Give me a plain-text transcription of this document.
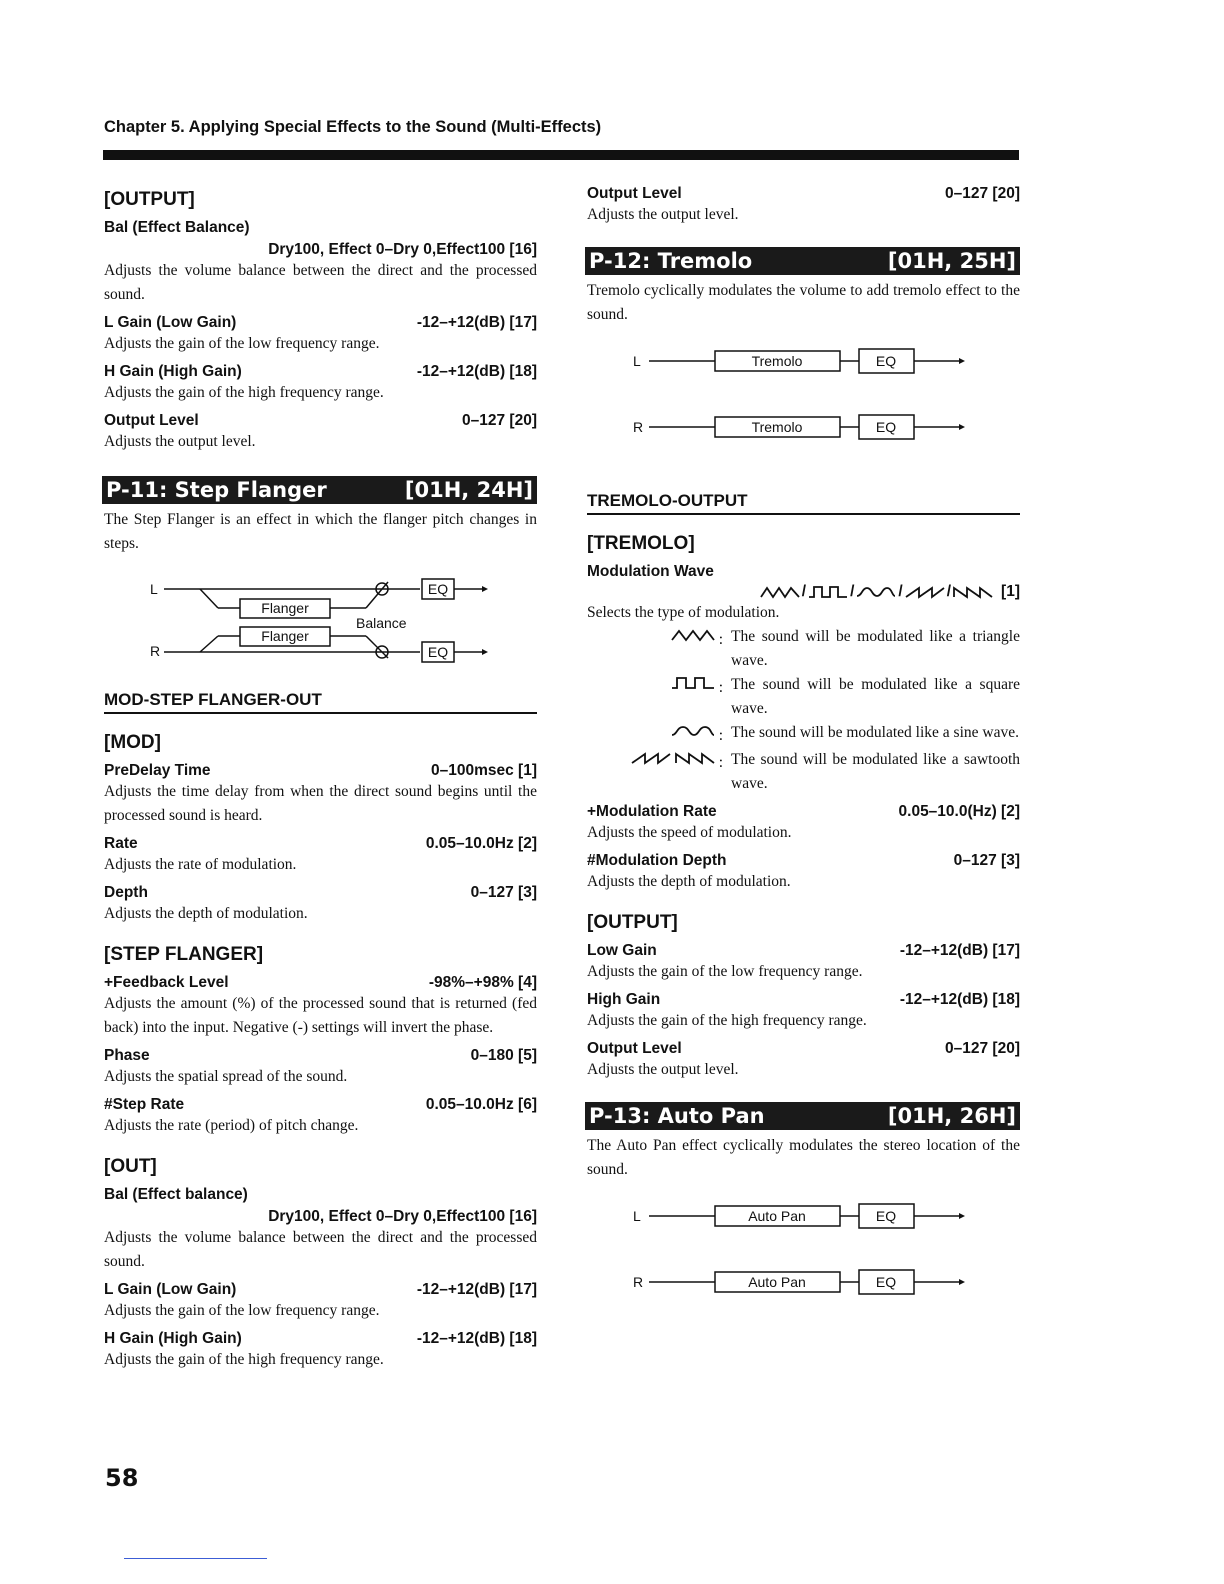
Chapter 5. Applying Special Effects to the Sound (Multi-Effects)
[OUTPUT]
Bal (Effect Balance)
Dry100, Effect 0–Dry 0,Effect100 [16]
Adjusts the volume balance between the direct and the processed sound.
L Gain (Low Gain)	-12–+12(dB) [17]
Adjusts the gain of the low frequency range.
H Gain (High Gain)	-12–+12(dB) [18]
Adjusts the gain of the high frequency range.
Output Level	0–127 [20]
Adjusts the output level.
P-11: Step Flanger	[01H, 24H]
The Step Flanger is an effect in which the flanger pitch changes in steps.
L
R
Flanger
Flanger
Balance
EQ
EQ
MOD-STEP FLANGER-OUT
[MOD]
PreDelay Time	0–100msec [1]
Adjusts the time delay from when the direct sound begins until the processed sound is heard.
Rate	0.05–10.0Hz [2]
Adjusts the rate of modulation.
Depth	0–127 [3]
Adjusts the depth of modulation.
[STEP FLANGER]
+Feedback Level	-98%–+98% [4]
Adjusts the amount (%) of the processed sound that is returned (fed back) into the input. Negative (-) settings will invert the phase.
Phase	0–180 [5]
Adjusts the spatial spread of the sound.
#Step Rate	0.05–10.0Hz [6]
Adjusts the rate (period) of pitch change.
[OUT]
Bal (Effect balance)
Dry100, Effect 0–Dry 0,Effect100 [16]
Adjusts the volume balance between the direct and the processed sound.
L Gain (Low Gain)	-12–+12(dB) [17]
Adjusts the gain of the low frequency range.
H Gain (High Gain)	-12–+12(dB) [18]
Adjusts the gain of the high frequency range.
Output Level	0–127 [20]
Adjusts the output level.
P-12: Tremolo	[01H, 25H]
Tremolo cyclically modulates the volume to add tremolo effect to the sound.
L
R
Tremolo	EQ
Tremolo	EQ
TREMOLO-OUTPUT
[TREMOLO]
Modulation Wave
/	/	/	/	[1]
Selects the type of modulation.
: The sound will be modulated like a triangle wave.
: The sound will be modulated like a square wave.
: The sound will be modulated like a sine wave.

: The sound will be modulated like a sawtooth wave.
+Modulation Rate	0.05–10.0(Hz) [2]
Adjusts the speed of modulation.
#Modulation Depth	0–127 [3]
Adjusts the depth of modulation.
[OUTPUT]
Low Gain	-12–+12(dB) [17]
Adjusts the gain of the low frequency range.
High Gain	-12–+12(dB) [18]
Adjusts the gain of the high frequency range.
Output Level	0–127 [20]
Adjusts the output level.
P-13: Auto Pan	[01H, 26H]
The Auto Pan effect cyclically modulates the stereo location of the sound.
L
R
Auto Pan	EQ
Auto Pan	EQ
58
